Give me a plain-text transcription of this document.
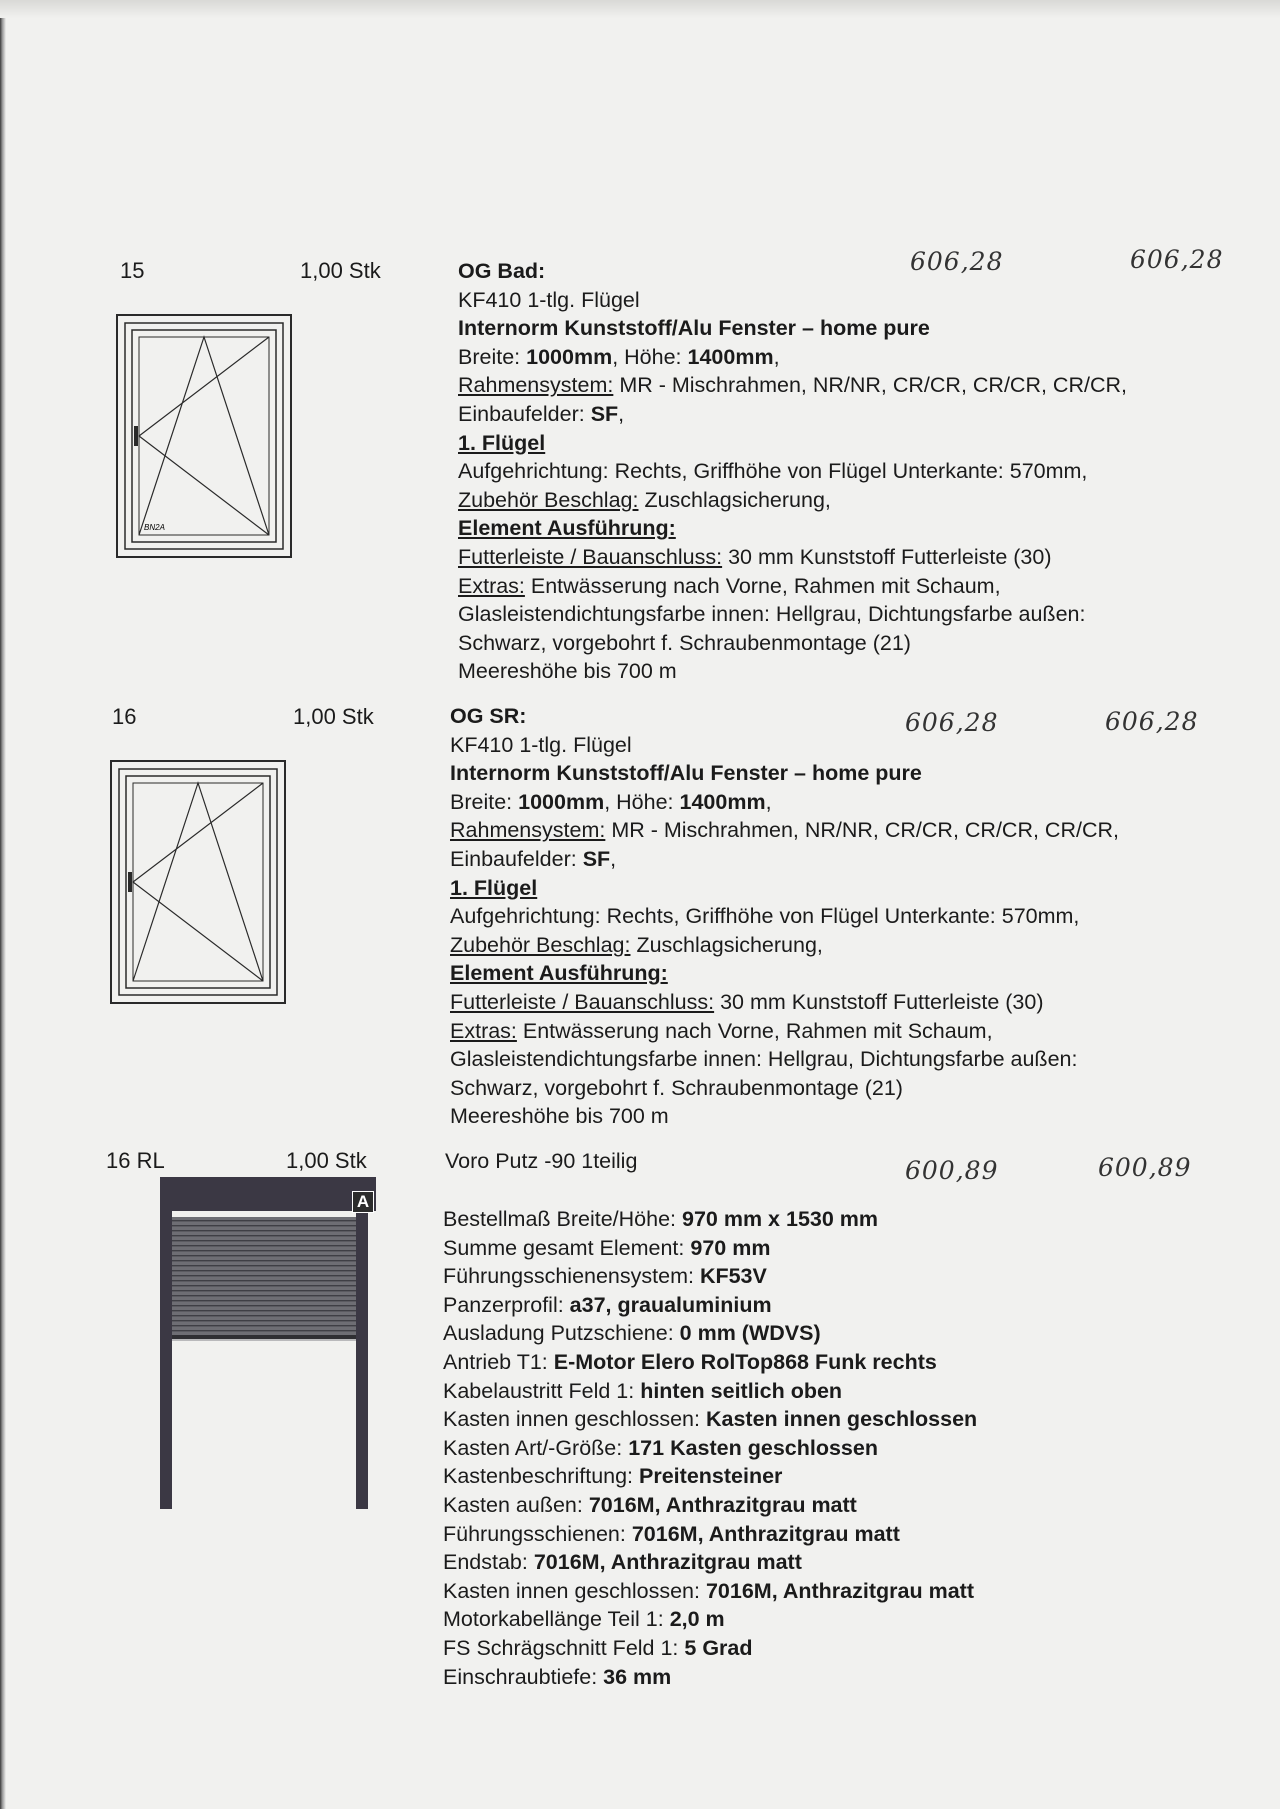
15	1,00 Stk	606,28	606,28
OG Bad:
KF410 1-tlg. Flügel
Internorm Kunststoff/Alu Fenster – home pure
Breite: 1000mm, Höhe: 1400mm,
Rahmensystem: MR - Mischrahmen, NR/NR, CR/CR, CR/CR, CR/CR,
Einbaufelder: SF,
1. Flügel
Aufgehrichtung: Rechts, Griffhöhe von Flügel Unterkante: 570mm,
Zubehör Beschlag: Zuschlagsicherung,
Element Ausführung:
Futterleiste / Bauanschluss: 30 mm Kunststoff Futterleiste (30)
Extras: Entwässerung nach Vorne, Rahmen mit Schaum,
Glasleistendichtungsfarbe innen: Hellgrau, Dichtungsfarbe außen:
Schwarz, vorgebohrt f. Schraubenmontage (21)
Meereshöhe bis 700 m
BN2A
16	1,00 Stk	606,28	606,28
OG SR:
KF410 1-tlg. Flügel
Internorm Kunststoff/Alu Fenster – home pure
Breite: 1000mm, Höhe: 1400mm,
Rahmensystem: MR - Mischrahmen, NR/NR, CR/CR, CR/CR, CR/CR,
Einbaufelder: SF,
1. Flügel
Aufgehrichtung: Rechts, Griffhöhe von Flügel Unterkante: 570mm,
Zubehör Beschlag: Zuschlagsicherung,
Element Ausführung:
Futterleiste / Bauanschluss: 30 mm Kunststoff Futterleiste (30)
Extras: Entwässerung nach Vorne, Rahmen mit Schaum,
Glasleistendichtungsfarbe innen: Hellgrau, Dichtungsfarbe außen:
Schwarz, vorgebohrt f. Schraubenmontage (21)
Meereshöhe bis 700 m
16 RL	1,00 Stk	600,89	600,89
Voro Putz -90 1teilig
Bestellmaß Breite/Höhe: 970 mm x 1530 mm
Summe gesamt Element: 970 mm
Führungsschienensystem: KF53V
Panzerprofil: a37, graualuminium
Ausladung Putzschiene: 0 mm (WDVS)
Antrieb T1: E-Motor Elero RolTop868 Funk rechts
Kabelaustritt Feld 1: hinten seitlich oben
Kasten innen geschlossen: Kasten innen geschlossen
Kasten Art/-Größe: 171 Kasten geschlossen
Kastenbeschriftung: Preitensteiner
Kasten außen: 7016M, Anthrazitgrau matt
Führungsschienen: 7016M, Anthrazitgrau matt
Endstab: 7016M, Anthrazitgrau matt
Kasten innen geschlossen: 7016M, Anthrazitgrau matt
Motorkabellänge Teil 1: 2,0 m
FS Schrägschnitt Feld 1: 5 Grad
Einschraubtiefe: 36 mm
A
